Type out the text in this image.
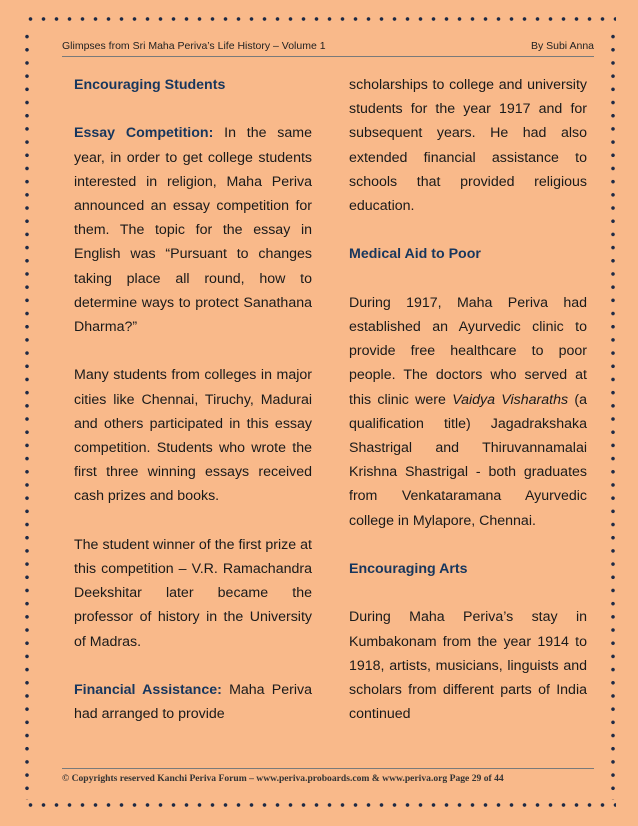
Glimpses from Sri Maha Periva’s Life History – Volume 1	By Subi Anna

Encouraging Students

Essay Competition: In the same year, in order to get college students interested in religion, Maha Periva announced an essay competition for them. The topic for the essay in English was “Pursuant to changes taking place all round, how to determine ways to protect Sanathana Dharma?”

Many students from colleges in major cities like Chennai, Tiruchy, Madurai and others participated in this essay competition. Students who wrote the first three winning essays received cash prizes and books.

The student winner of the first prize at this competition – V.R. Ramachandra Deekshitar later became the professor of history in the University of Madras.

Financial Assistance: Maha Periva had arranged to provide

scholarships to college and university students for the year 1917 and for subsequent years. He had also extended financial assistance to schools that provided religious education.

Medical Aid to Poor

During 1917, Maha Periva had established an Ayurvedic clinic to provide free healthcare to poor people. The doctors who served at this clinic were Vaidya Visharaths (a qualification title) Jagadrakshaka Shastrigal and Thiruvannamalai Krishna Shastrigal - both graduates from Venkataramana Ayurvedic college in Mylapore, Chennai.

Encouraging Arts

During Maha Periva’s stay in Kumbakonam from the year 1914 to 1918, artists, musicians, linguists and scholars from different parts of India continued

© Copyrights reserved Kanchi Periva Forum – www.periva.proboards.com & www.periva.org Page 29 of 44
